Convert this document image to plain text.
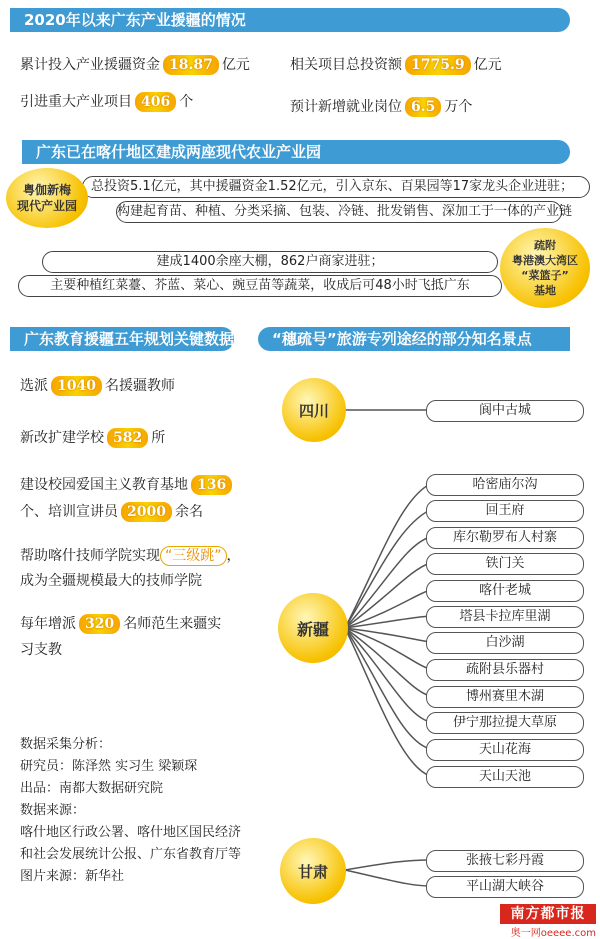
2020年以来广东产业援疆的情况
累计投入产业援疆资金 18.87 亿元	相关项目总投资额 1775.9 亿元
引进重大产业项目 406 个	预计新增就业岗位 6.5 万个
广东已在喀什地区建成两座现代农业产业园
总投资5.1亿元，其中援疆资金1.52亿元，引入京东、百果园等17家龙头企业进驻；
构建起育苗、种植、分类采摘、包装、冷链、批发销售、深加工于一体的产业链
粤伽新梅
现代产业园
建成1400余座大棚，862户商家进驻；
主要种植红菜薹、芥蓝、菜心、豌豆苗等蔬菜，收成后可48小时飞抵广东
疏附
粤港澳大湾区
“菜篮子”
基地
广东教育援疆五年规划关键数据	“穗疏号”旅游专列途经的部分知名景点
选派 1040 名援疆教师
新改扩建学校 582 所
建设校园爱国主义教育基地 136
个、培训宣讲员 2000 余名
帮助喀什技师学院实现 “三级跳” ，
成为全疆规模最大的技师学院
每年增派 320 名师范生来疆实
习支教
数据采集分析：
研究员：陈泽然 实习生 梁颖琛
出品：南都大数据研究院
数据来源：
喀什地区行政公署、喀什地区国民经济
和社会发展统计公报、广东省教育厅等
图片来源：新华社
四川
新疆
甘肃
阆中古城
哈密庙尔沟
回王府
库尔勒罗布人村寨
铁门关
喀什老城
塔县卡拉库里湖
白沙湖
疏附县乐器村
博州赛里木湖
伊宁那拉提大草原
天山花海
天山天池
张掖七彩丹霞
平山湖大峡谷
南方都市报
奥一网oeeee.com
